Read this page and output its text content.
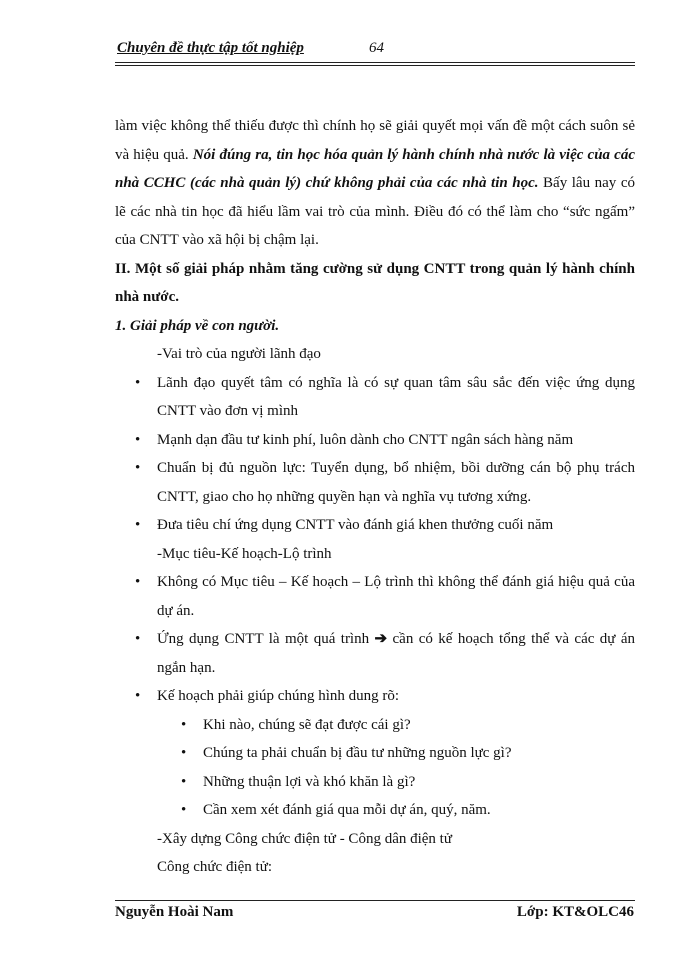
Chuyên đề thực tập tốt nghiệp	64
làm việc không thể thiếu được thì chính họ sẽ giải quyết mọi vấn đề một cách suôn sẻ và hiệu quả. Nói đúng ra, tin học hóa quản lý hành chính nhà nước là việc của các nhà CCHC (các nhà quản lý) chứ không phải của các nhà tin học. Bấy lâu nay có lẽ các nhà tin học đã hiểu lầm vai trò của mình. Điều đó có thể làm cho “sức ngấm” của CNTT vào xã hội bị chậm lại.
II. Một số giải pháp nhằm tăng cường sử dụng CNTT trong quản lý hành chính nhà nước.
1. Giải pháp về con người.
-Vai trò của người lãnh đạo
• Lãnh đạo quyết tâm có nghĩa là có sự quan tâm sâu sắc đến việc ứng dụng CNTT vào đơn vị mình
• Mạnh dạn đầu tư kinh phí, luôn dành cho CNTT ngân sách hàng năm
• Chuẩn bị đủ nguồn lực: Tuyển dụng, bổ nhiệm, bồi dưỡng cán bộ phụ trách CNTT, giao cho họ những quyền hạn và nghĩa vụ tương xứng.
• Đưa tiêu chí ứng dụng CNTT vào đánh giá khen thưởng cuối năm
-Mục tiêu-Kế hoạch-Lộ trình
• Không có Mục tiêu – Kế hoạch – Lộ trình thì không thể đánh giá hiệu quả của dự án.
• Ứng dụng CNTT là một quá trình ➔ cần có kế hoạch tổng thể và các dự án ngắn hạn.
• Kế hoạch phải giúp chúng hình dung rõ:
• Khi nào, chúng sẽ đạt được cái gì?
• Chúng ta phải chuẩn bị đầu tư những nguồn lực gì?
• Những thuận lợi và khó khăn là gì?
• Cần xem xét đánh giá qua mỗi dự án, quý, năm.
-Xây dựng Công chức điện tử - Công dân điện tử
Công chức điện tử:
Nguyễn Hoài Nam	Lớp: KT&OLC46
